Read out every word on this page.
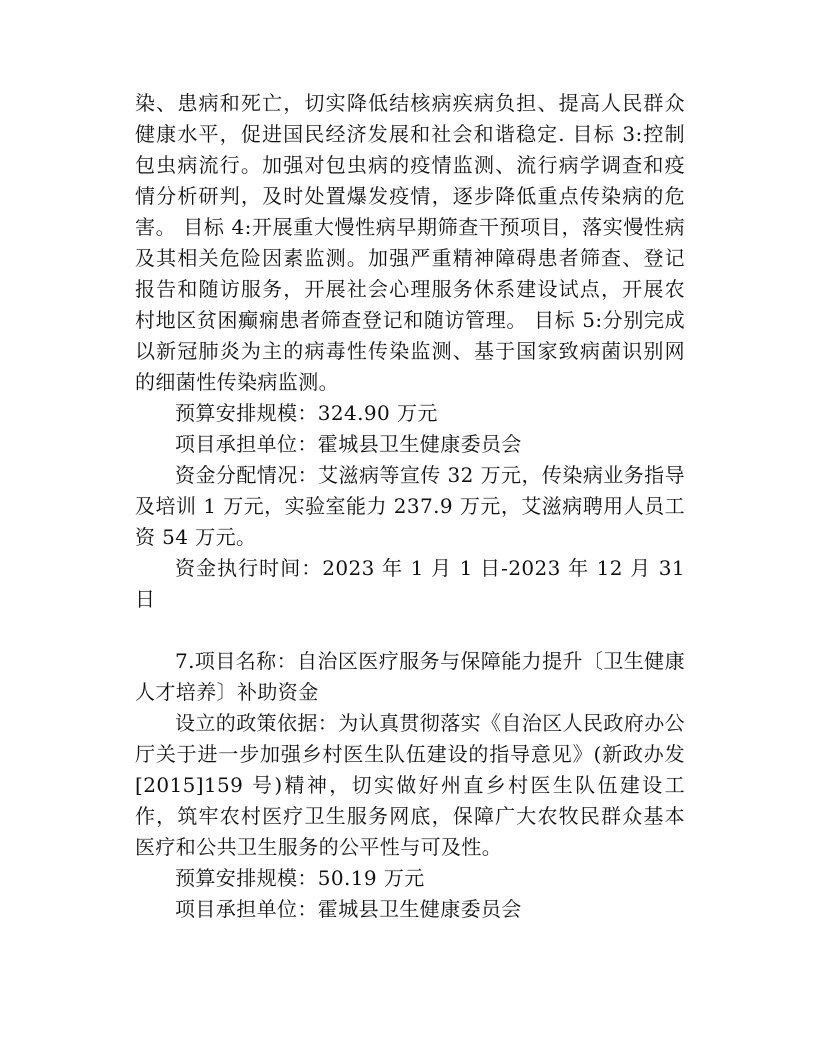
染、患病和死亡，切实降低结核病疾病负担、提高人民群众健康水平，促进国民经济发展和社会和谐稳定. 目标 3:控制包虫病流行。加强对包虫病的疫情监测、流行病学调查和疫情分析研判，及时处置爆发疫情，逐步降低重点传染病的危害。 目标 4:开展重大慢性病早期筛查干预项目，落实慢性病及其相关危险因素监测。加强严重精神障碍患者筛查、登记报告和随访服务，开展社会心理服务休系建设试点，开展农村地区贫困癫痫患者筛查登记和随访管理。 目标 5:分别完成以新冠肺炎为主的病毒性传染监测、基于国家致病菌识别网的细菌性传染病监测。

预算安排规模：324.90 万元

项目承担单位：霍城县卫生健康委员会

资金分配情况：艾滋病等宣传 32 万元，传染病业务指导及培训 1 万元，实验室能力 237.9 万元，艾滋病聘用人员工资 54 万元。

资金执行时间：2023 年 1 月 1 日-2023 年 12 月 31 日

7.项目名称：自治区医疗服务与保障能力提升〔卫生健康人才培养〕补助资金

设立的政策依据：为认真贯彻落实《自治区人民政府办公厅关于进一步加强乡村医生队伍建设的指导意见》(新政办发[2015]159 号)精神，切实做好州直乡村医生队伍建设工作，筑牢农村医疗卫生服务网底，保障广大农牧民群众基本医疗和公共卫生服务的公平性与可及性。

预算安排规模：50.19 万元

项目承担单位：霍城县卫生健康委员会
